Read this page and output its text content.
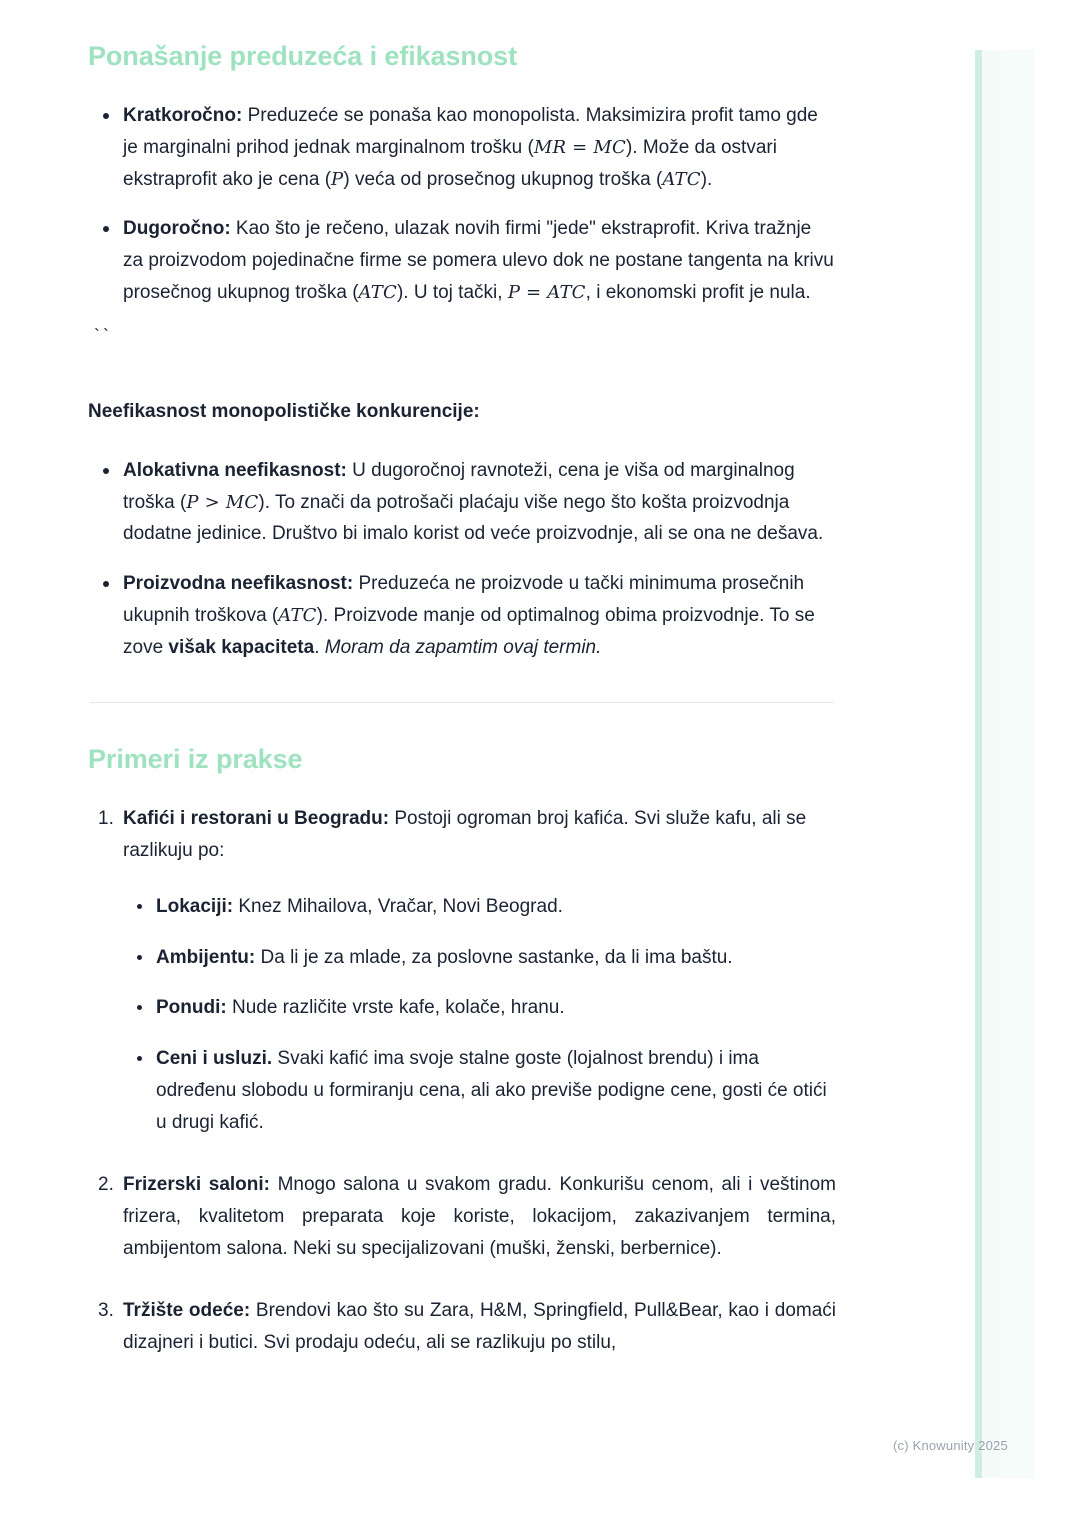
Ponašanje preduzeća i efikasnost
Kratkoročno: Preduzeće se ponaša kao monopolista. Maksimizira profit tamo gde je marginalni prihod jednak marginalnom trošku (MR = MC). Može da ostvari ekstraprofit ako je cena (P) veća od prosečnog ukupnog troška (ATC).
Dugoročno: Kao što je rečeno, ulazak novih firmi "jede" ekstraprofit. Kriva tražnje za proizvodom pojedinačne firme se pomera ulevo dok ne postane tangenta na krivu prosečnog ukupnog troška (ATC). U toj tački, P = ATC, i ekonomski profit je nula.
``

Neefikasnost monopolističke konkurencije:

Alokativna neefikasnost: U dugoročnoj ravnoteži, cena je viša od marginalnog troška (P > MC). To znači da potrošači plaćaju više nego što košta proizvodnja dodatne jedinice. Društvo bi imalo korist od veće proizvodnje, ali se ona ne dešava.
Proizvodna neefikasnost: Preduzeća ne proizvode u tački minimuma prosečnih ukupnih troškova (ATC). Proizvode manje od optimalnog obima proizvodnje. To se zove višak kapaciteta. Moram da zapamtim ovaj termin.
Primeri iz prakse
Kafići i restorani u Beogradu: Postoji ogroman broj kafića. Svi služe kafu, ali se razlikuju po:
Lokaciji: Knez Mihailova, Vračar, Novi Beograd.
Ambijentu: Da li je za mlade, za poslovne sastanke, da li ima baštu.
Ponudi: Nude različite vrste kafe, kolače, hranu.
Ceni i usluzi. Svaki kafić ima svoje stalne goste (lojalnost brendu) i ima određenu slobodu u formiranju cena, ali ako previše podigne cene, gosti će otići u drugi kafić.
Frizerski saloni: Mnogo salona u svakom gradu. Konkurišu cenom, ali i veštinom frizera, kvalitetom preparata koje koriste, lokacijom, zakazivanjem termina, ambijentom salona. Neki su specijalizovani (muški, ženski, berbernice).
Tržište odeće: Brendovi kao što su Zara, H&M, Springfield, Pull&Bear, kao i domaći dizajneri i butici. Svi prodaju odeću, ali se razlikuju po stilu,
(c) Knowunity 2025
